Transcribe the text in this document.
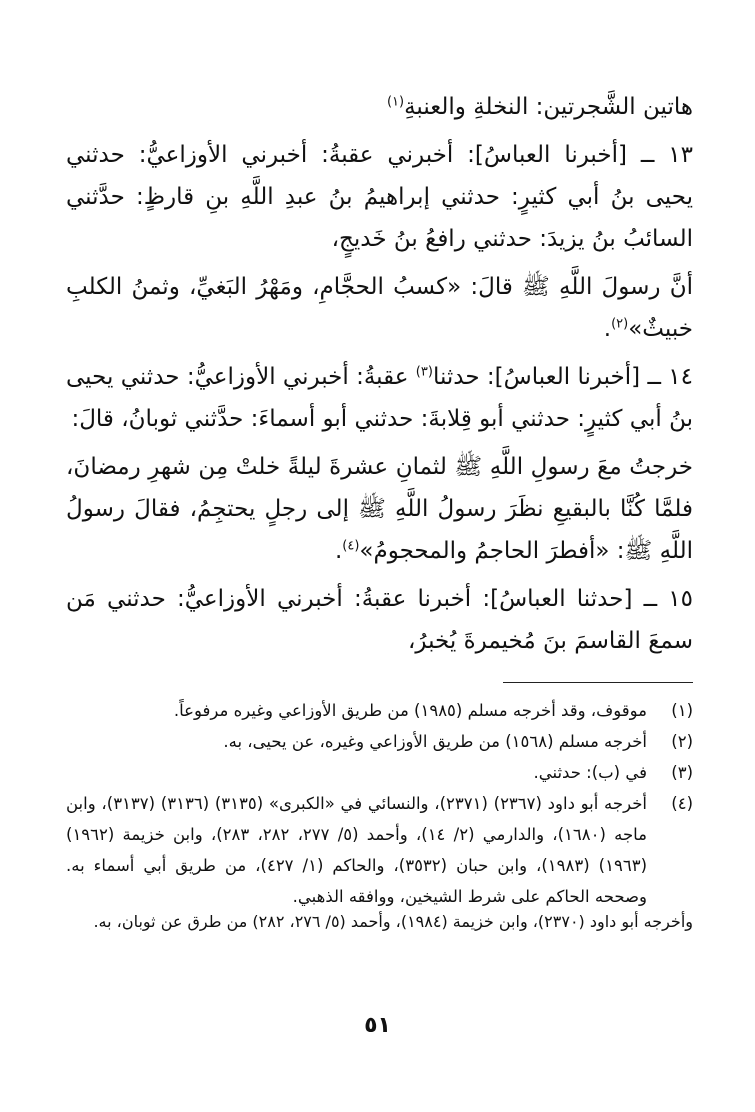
هاتين الشَّجرتين: النخلةِ والعنبةِ$^{(١)}$

١٣ ــ [أخبرنا العباسُ]: أخبرني عقبةُ: أخبرني الأوزاعيُّ: حدثني يحيى بنُ أبي كثيرٍ: حدثني إبراهيمُ بنُ عبدِ اللَّهِ بنِ قارظٍ: حدَّثني السائبُ بنُ يزيدَ: حدثني رافعُ بنُ خَديجٍ،

أنَّ رسولَ اللَّهِ ﷺ قالَ: «كسبُ الحجَّامِ، ومَهْرُ البَغيِّ، وثمنُ الكلبِ خبيثٌ»$^{(٢)}$.

١٤ ــ [أخبرنا العباسُ]: حدثنا$^{(٣)}$ عقبةُ: أخبرني الأوزاعيُّ: حدثني يحيى بنُ أبي كثيرٍ: حدثني أبو قِلابةَ: حدثني أبو أسماءَ: حدَّثني ثوبانُ، قالَ:

خرجتُ معَ رسولِ اللَّهِ ﷺ لثمانِ عشرةَ ليلةً خلتْ مِن شهرِ رمضانَ، فلمَّا كُنَّا بالبقيعِ نظَرَ رسولُ اللَّهِ ﷺ إلى رجلٍ يحتجِمُ، فقالَ رسولُ اللَّهِ ﷺ: «أفطرَ الحاجمُ والمحجومُ»$^{(٤)}$.

١٥ ــ [حدثنا العباسُ]: أخبرنا عقبةُ: أخبرني الأوزاعيُّ: حدثني مَن سمعَ القاسمَ بنَ مُخيمرةَ يُخبرُ،

(١)
موقوف، وقد أخرجه مسلم (١٩٨٥) من طريق الأوزاعي وغيره مرفوعاً.
(٢)
أخرجه مسلم (١٥٦٨) من طريق الأوزاعي وغيره، عن يحيى، به.
(٣)
في (ب): حدثني.
(٤)
أخرجه أبو داود (٢٣٦٧) (٢٣٧١)، والنسائي في «الكبرى» (٣١٣٥) (٣١٣٦) (٣١٣٧)، وابن ماجه (١٦٨٠)، والدارمي (٢/ ١٤)، وأحمد (٥/ ٢٧٧، ٢٨٢، ٢٨٣)، وابن خزيمة (١٩٦٢) (١٩٦٣) (١٩٨٣)، وابن حبان (٣٥٣٢)، والحاكم (١/ ٤٢٧)، من طريق أبي أسماء به. وصححه الحاكم على شرط الشيخين، ووافقه الذهبي.
وأخرجه أبو داود (٢٣٧٠)، وابن خزيمة (١٩٨٤)، وأحمد (٥/ ٢٧٦، ٢٨٢) من طرق عن ثوبان، به.
٥١
